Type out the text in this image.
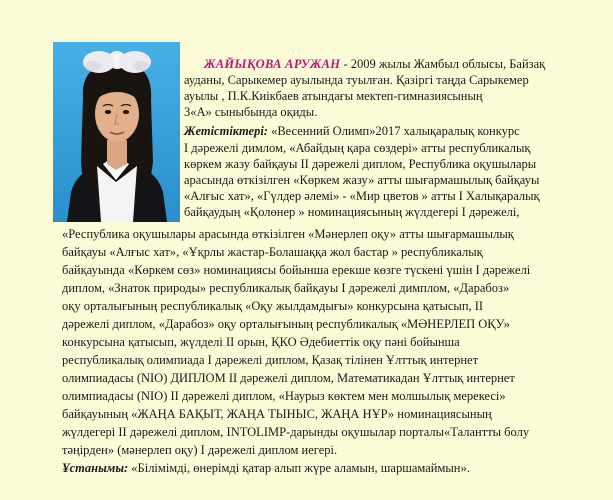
ЖАЙЫҚОВА АРУЖАН - 2009 жылы Жамбыл облысы, Байзақ
ауданы, Сарыкемер ауылында туылған. Қазіргі таңда Сарыкемер
ауылы , П.К.Киікбаев атындағы мектеп-гимназиясының
3«А» сыныбында оқиды.
Жетістіктері: «Весенний Олимп»2017 халықаралық конкурс
І дәрежелі димлом, «Абайдың қара сөздері» атты республикалық
көркем жазу байқауы ІІ дәрежелі диплом, Республика оқушылары
арасында өткізілген «Көркем жазу» атты шығармашылық байқауы
«Алғыс хат», «Гүлдер әлемі» - «Мир цветов » атты І Халықаралық
байқаудың «Қолөнер » номинациясының жүлдегері І дәрежелі,
«Республика оқушылары арасында өткізілген «Мәнерлеп оқу» атты шығармашылық
байқауы «Алғыс хат», «Ұқрлы жастар-Болашаққа жол бастар » республикалық
байқауында «Көркем сөз» номинациясы бойынша ерекше көзге түскені үшін І дәрежелі
диплом, «Знаток природы» республикалық байқауы І дәрежелі димплом, «Дарабоз»
оқу орталығының республикалық «Оқу жылдамдығы» конкурсына қатысып, ІІ
дәрежелі диплом, «Дарабоз» оқу орталығының республикалық «МӘНЕРЛЕП ОҚУ»
конкурсына қатысып, жүлделі ІІ орын, ҚКО Әдебиеттік оқу пәні бойынша
республикалық олимпиада І дәрежелі диплом, Қазақ тілінен Ұлттық интернет
олимпиадасы (NIO) ДИПЛОМ ІІ дәрежелі диплом, Математикадан Ұлттық интернет
олимпиадасы (NIO) ІІ дәрежелі диплом, «Наурыз көктем мен молшылық мерекесі»
байқауының «ЖАҢА БАҚЫТ, ЖАҢА ТЫНЫС, ЖАҢА НҰР» номинациясының
жүлдегері ІІ дәрежелі диплом, INTOLIMP-дарынды оқушылар порталы«Талантты болу
тәңірден» (мәнерлеп оқу) І дәрежелі диплом иегері.
Ұстанымы: «Білімімді, өнерімді қатар алып жүре аламын, шаршамаймын».
